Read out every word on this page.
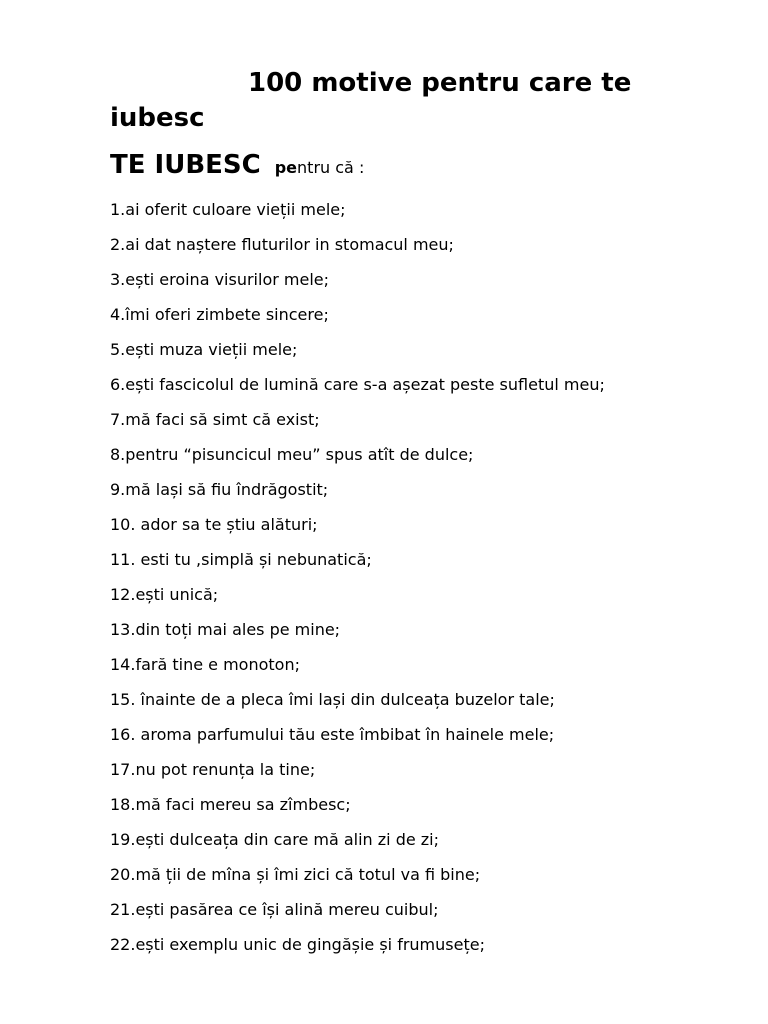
100 motive pentru care te iubesc

TE IUBESC pentru că :

1.ai oferit culoare vieții mele;
2.ai dat naștere fluturilor in stomacul meu;
3.ești eroina visurilor mele;
4.îmi oferi zimbete sincere;
5.ești muza vieții mele;
6.ești fascicolul de lumină care s-a așezat peste sufletul meu;
7.mă faci să simt că exist;
8.pentru “pisuncicul meu” spus atît de dulce;
9.mă lași să fiu îndrăgostit;
10. ador sa te știu alături;
11. esti tu ,simplă și nebunatică;
12.ești unică;
13.din toți mai ales pe mine;
14.fară tine e monoton;
15. înainte de a pleca îmi lași din dulceața buzelor tale;
16. aroma parfumului tău este îmbibat în hainele mele;
17.nu pot renunța la tine;
18.mă faci mereu sa zîmbesc;
19.ești dulceața din care mă alin zi de zi;
20.mă ții de mîna și îmi zici că totul va fi bine;
21.ești pasărea ce își alină mereu cuibul;
22.ești exemplu unic de gingășie și frumusețe;
